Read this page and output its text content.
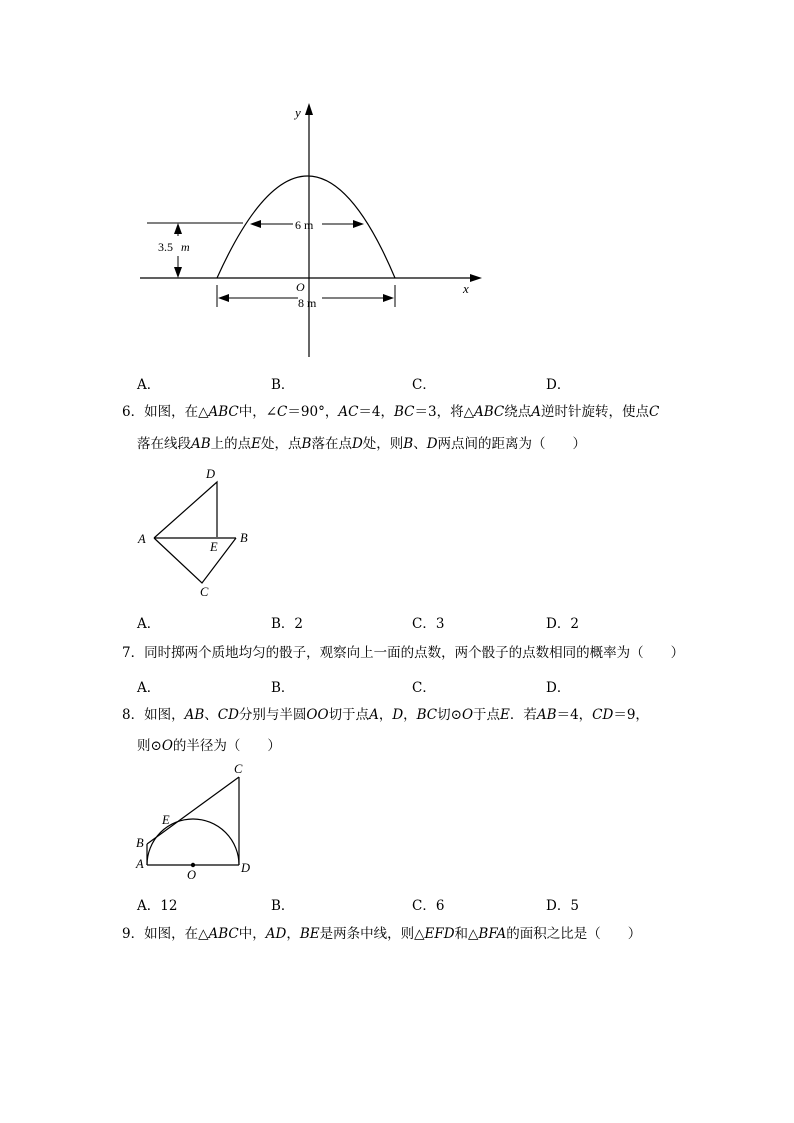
y
x
O
6 m
3.5 m
8 m
A．	B．	C．	D．
6．如图，在△ABC中，∠C＝90°，AC＝4，BC＝3，将△ABC绕点A逆时针旋转，使点C
落在线段AB上的点E处，点B落在点D处，则B、D两点间的距离为（　　）
D
A
E
B
C
A．	B．2	C．3	D．2
7．同时掷两个质地均匀的骰子，观察向上一面的点数，两个骰子的点数相同的概率为（　　）
A．	B．	C．	D．
8．如图，AB、CD分别与半圆OO切于点A，D，BC切⊙O于点E．若AB＝4，CD＝9，
则⊙O的半径为（　　）
C
E
B
A
O	D
A．12	B．	C．6	D．5
9．如图，在△ABC中，AD，BE是两条中线，则△EFD和△BFA的面积之比是（　　）
